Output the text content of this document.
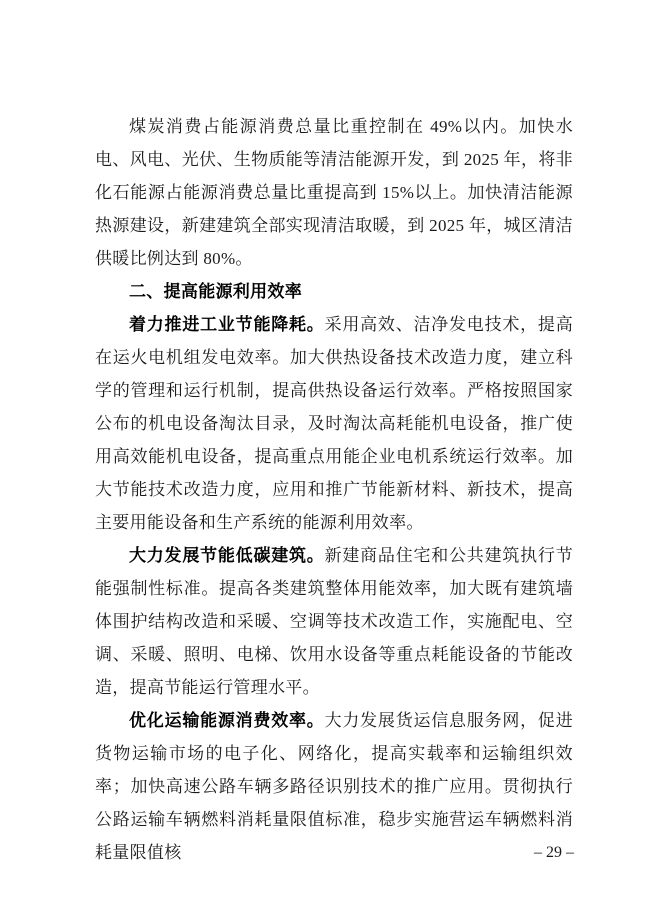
煤炭消费占能源消费总量比重控制在 49%以内。加快水电、风电、光伏、生物质能等清洁能源开发，到 2025 年，将非化石能源占能源消费总量比重提高到 15%以上。加快清洁能源热源建设，新建建筑全部实现清洁取暖，到 2025 年，城区清洁供暖比例达到 80%。

二、提高能源利用效率

着力推进工业节能降耗。采用高效、洁净发电技术，提高在运火电机组发电效率。加大供热设备技术改造力度，建立科学的管理和运行机制，提高供热设备运行效率。严格按照国家公布的机电设备淘汰目录，及时淘汰高耗能机电设备，推广使用高效能机电设备，提高重点用能企业电机系统运行效率。加大节能技术改造力度，应用和推广节能新材料、新技术，提高主要用能设备和生产系统的能源利用效率。

大力发展节能低碳建筑。新建商品住宅和公共建筑执行节能强制性标准。提高各类建筑整体用能效率，加大既有建筑墙体围护结构改造和采暖、空调等技术改造工作，实施配电、空调、采暖、照明、电梯、饮用水设备等重点耗能设备的节能改造，提高节能运行管理水平。

优化运输能源消费效率。大力发展货运信息服务网，促进货物运输市场的电子化、网络化，提高实载率和运输组织效率；加快高速公路车辆多路径识别技术的推广应用。贯彻执行公路运输车辆燃料消耗量限值标准，稳步实施营运车辆燃料消耗量限值核	– 29 –
